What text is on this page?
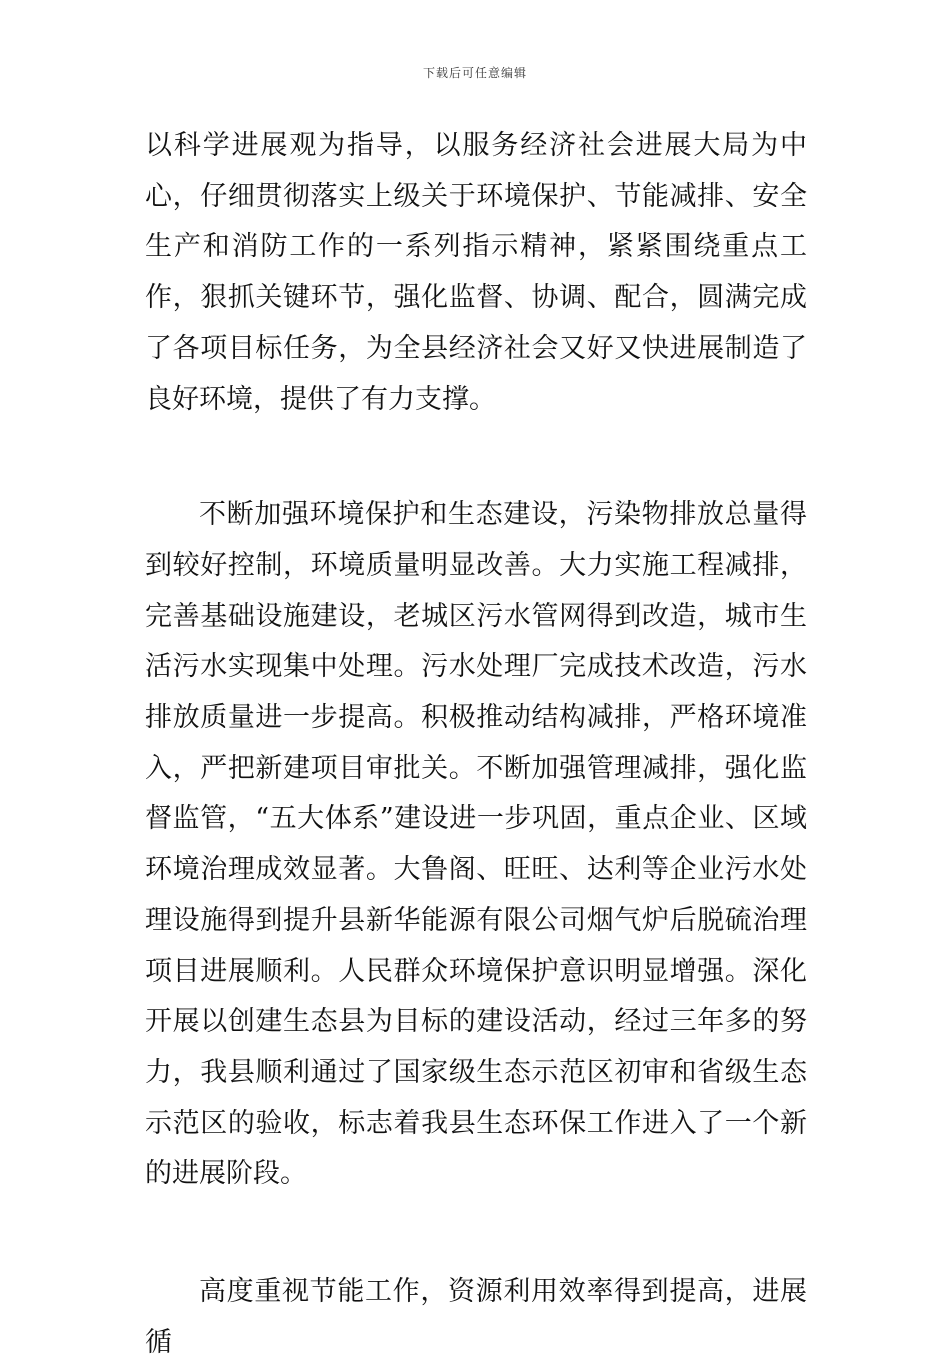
下载后可任意编辑

以科学进展观为指导，以服务经济社会进展大局为中心，仔细贯彻落实上级关于环境保护、节能减排、安全生产和消防工作的一系列指示精神，紧紧围绕重点工作，狠抓关键环节，强化监督、协调、配合，圆满完成了各项目标任务，为全县经济社会又好又快进展制造了良好环境，提供了有力支撑。

不断加强环境保护和生态建设，污染物排放总量得到较好控制，环境质量明显改善。大力实施工程减排，完善基础设施建设，老城区污水管网得到改造，城市生活污水实现集中处理。污水处理厂完成技术改造，污水排放质量进一步提高。积极推动结构减排，严格环境准入，严把新建项目审批关。不断加强管理减排，强化监督监管，“五大体系”建设进一步巩固，重点企业、区域环境治理成效显著。大鲁阁、旺旺、达利等企业污水处理设施得到提升县新华能源有限公司烟气炉后脱硫治理项目进展顺利。人民群众环境保护意识明显增强。深化开展以创建生态县为目标的建设活动，经过三年多的努力，我县顺利通过了国家级生态示范区初审和省级生态示范区的验收，标志着我县生态环保工作进入了一个新的进展阶段。

高度重视节能工作，资源利用效率得到提高，进展循
